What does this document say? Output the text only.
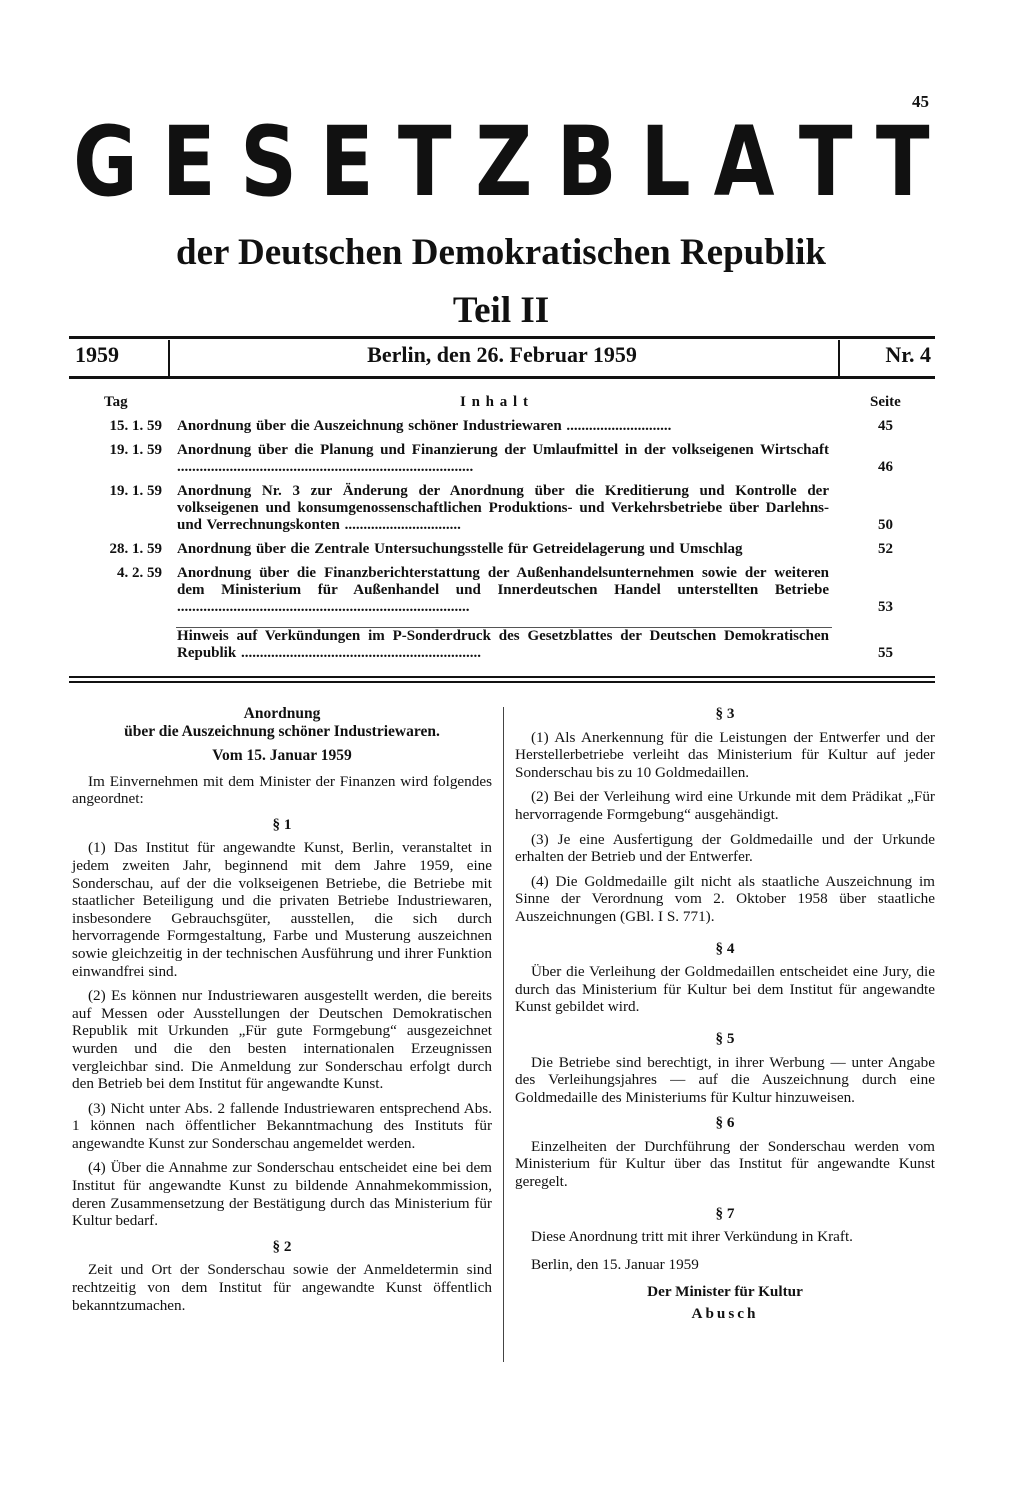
45
G E S E T Z B L A T T
der Deutschen Demokratischen Republik
Teil II
1959	Berlin, den 26. Februar 1959	Nr. 4
Tag	I n h a l t	Seite
15. 1. 59 Anordnung über die Auszeichnung schöner Industriewaren ............................	45
19. 1. 59 Anordnung über die Planung und Finanzierung der Umlaufmittel in der volkseigenen Wirtschaft ...............................................................................	46
19. 1. 59 Anordnung Nr. 3 zur Änderung der Anordnung über die Kreditierung und Kontrolle der volkseigenen und konsumgenossenschaftlichen Produktions- und Verkehrsbetriebe über Darlehns- und Verrechnungskonten ...............................	50
28. 1. 59 Anordnung über die Zentrale Untersuchungsstelle für Getreidelagerung und Umschlag	52
4. 2. 59 Anordnung über die Finanzberichterstattung der Außenhandelsunternehmen sowie der weiteren dem Ministerium für Außenhandel und Innerdeutschen Handel unterstellten Betriebe ..............................................................................	53
Hinweis auf Verkündungen im P-Sonderdruck des Gesetzblattes der Deutschen Demokratischen Republik ................................................................	55
Anordnung
über die Auszeichnung schöner Industriewaren.
Vom 15. Januar 1959

Im Einvernehmen mit dem Minister der Finanzen wird folgendes angeordnet:

§ 1

(1) Das Institut für angewandte Kunst, Berlin, veranstaltet in jedem zweiten Jahr, beginnend mit dem Jahre 1959, eine Sonderschau, auf der die volkseigenen Betriebe, die Betriebe mit staatlicher Beteiligung und die privaten Betriebe Industriewaren, insbesondere Gebrauchsgüter, ausstellen, die sich durch hervorragende Formgestaltung, Farbe und Musterung auszeichnen sowie gleichzeitig in der technischen Ausführung und ihrer Funktion einwandfrei sind.

(2) Es können nur Industriewaren ausgestellt werden, die bereits auf Messen oder Ausstellungen der Deutschen Demokratischen Republik mit Urkunden „Für gute Formgebung“ ausgezeichnet wurden und die den besten internationalen Erzeugnissen vergleichbar sind. Die Anmeldung zur Sonderschau erfolgt durch den Betrieb bei dem Institut für angewandte Kunst.

(3) Nicht unter Abs. 2 fallende Industriewaren entsprechend Abs. 1 können nach öffentlicher Bekanntmachung des Instituts für angewandte Kunst zur Sonderschau angemeldet werden.

(4) Über die Annahme zur Sonderschau entscheidet eine bei dem Institut für angewandte Kunst zu bildende Annahmekommission, deren Zusammensetzung der Bestätigung durch das Ministerium für Kultur bedarf.

§ 2

Zeit und Ort der Sonderschau sowie der Anmeldetermin sind rechtzeitig von dem Institut für angewandte Kunst öffentlich bekanntzumachen.

§ 3

(1) Als Anerkennung für die Leistungen der Entwerfer und der Herstellerbetriebe verleiht das Ministerium für Kultur auf jeder Sonderschau bis zu 10 Goldmedaillen.

(2) Bei der Verleihung wird eine Urkunde mit dem Prädikat „Für hervorragende Formgebung“ ausgehändigt.

(3) Je eine Ausfertigung der Goldmedaille und der Urkunde erhalten der Betrieb und der Entwerfer.

(4) Die Goldmedaille gilt nicht als staatliche Auszeichnung im Sinne der Verordnung vom 2. Oktober 1958 über staatliche Auszeichnungen (GBl. I S. 771).

§ 4

Über die Verleihung der Goldmedaillen entscheidet eine Jury, die durch das Ministerium für Kultur bei dem Institut für angewandte Kunst gebildet wird.

§ 5

Die Betriebe sind berechtigt, in ihrer Werbung — unter Angabe des Verleihungsjahres — auf die Auszeichnung durch eine Goldmedaille des Ministeriums für Kultur hinzuweisen.

§ 6

Einzelheiten der Durchführung der Sonderschau werden vom Ministerium für Kultur über das Institut für angewandte Kunst geregelt.

§ 7

Diese Anordnung tritt mit ihrer Verkündung in Kraft.

Berlin, den 15. Januar 1959

Der Minister für Kultur
Abusch
